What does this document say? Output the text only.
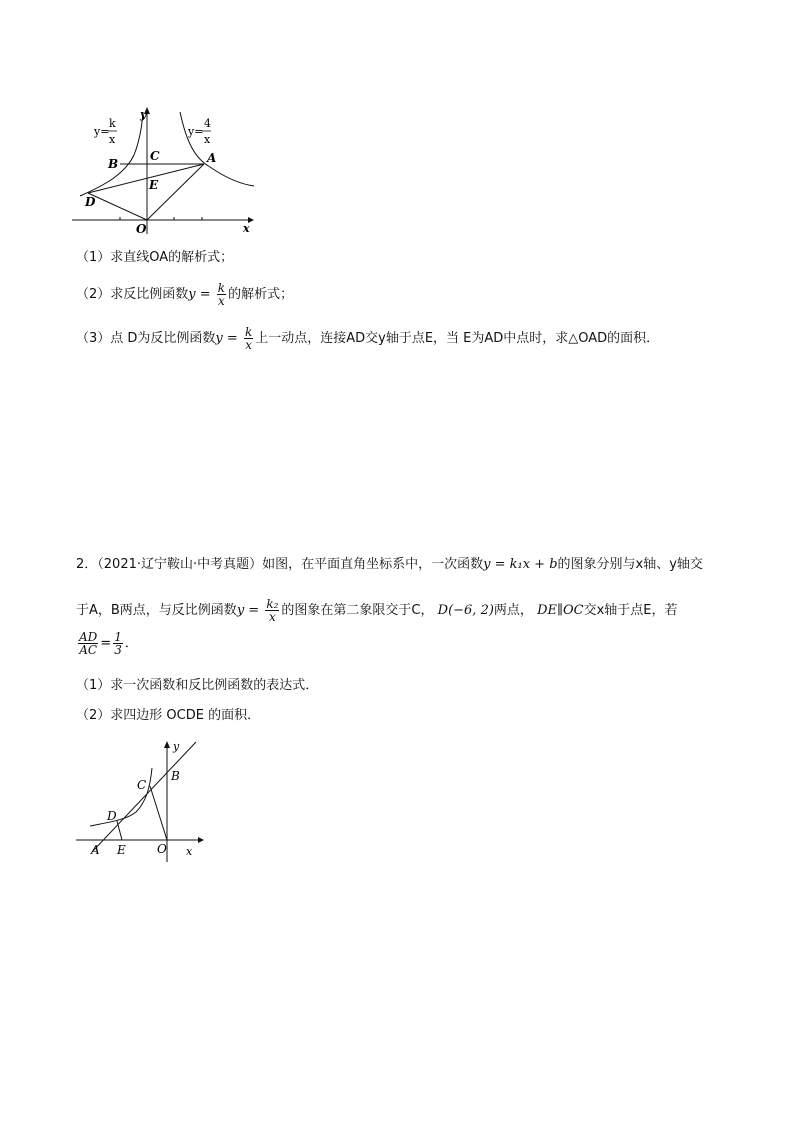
y
x
O
A
B
C
D
E
y=
k
x
y=
4
x
（1）求直线OA的解析式；
（2）求反比例函数$y = \frac{k}{x}$ 的解析式；
（3）点 D为反比例函数$y = \frac{k}{x}$ 上一动点，连接AD交y轴于点E，当 E为AD中点时，求△OAD的面积．
2．（2021·辽宁鞍山·中考真题）如图，在平面直角坐标系中，一次函数y = k₁x + b的图象分别与x轴、y轴交
于A，B两点，与反比例函数$y = \frac{\text{k₂}}{x}$ 的图象在第二象限交于C， D(−6, 2)两点， DE∥OC交x轴于点E，若
$\frac{AD}{AC} = \frac{1}{3}$ ．
（1）求一次函数和反比例函数的表达式．
（2）求四边形 OCDE 的面积．
y
x
O
A
B
C
D
E
